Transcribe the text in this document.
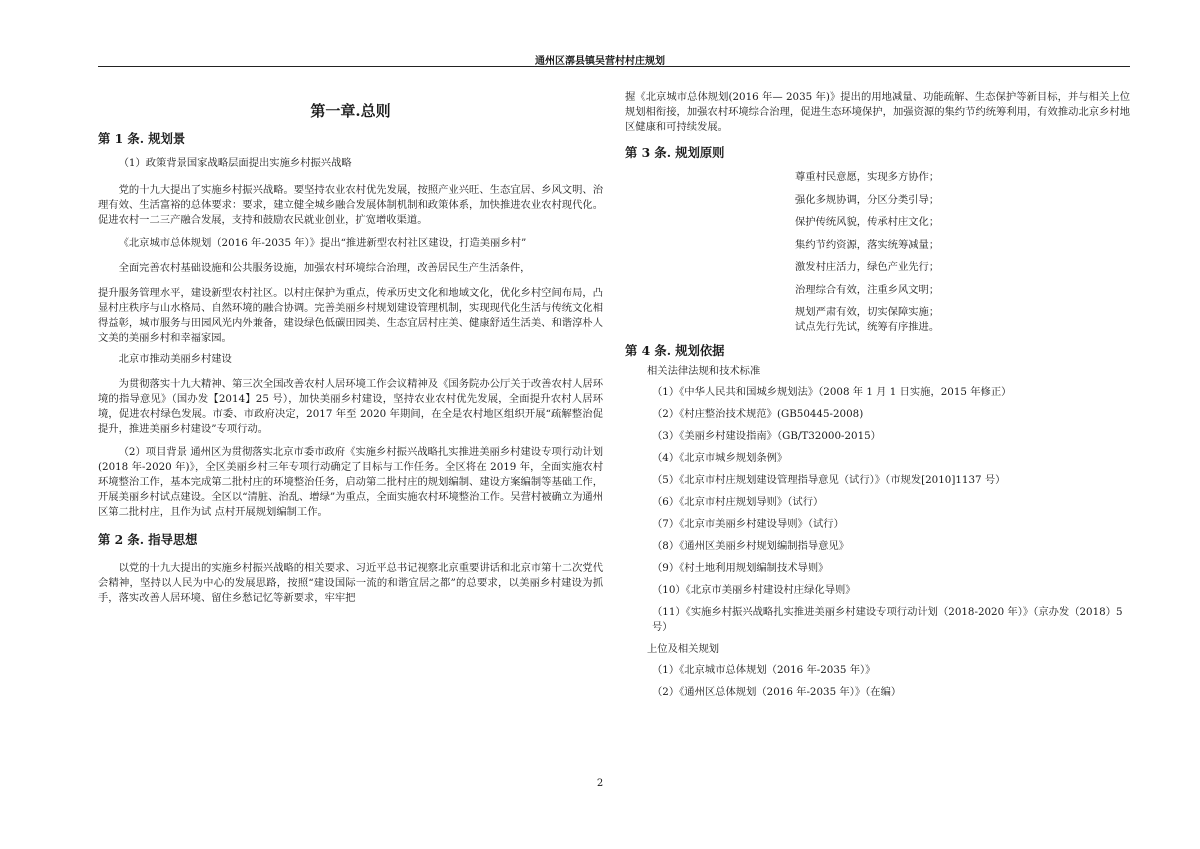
通州区漷县镇吴营村村庄规划
第一章.总则
第 1 条. 规划景

（1）政策背景国家战略层面提出实施乡村振兴战略

党的十九大提出了实施乡村振兴战略。要坚持农业农村优先发展，按照产业兴旺、生态宜居、乡风文明、治理有效、生活富裕的总体要求：要求，建立健全城乡融合发展体制机制和政策体系，加快推进农业农村现代化。促进农村一二三产融合发展，支持和鼓励农民就业创业，扩宽增收渠道。

《北京城市总体规划（2016 年-2035 年）》提出“推进新型农村社区建设，打造美丽乡村”

全面完善农村基础设施和公共服务设施，加强农村环境综合治理，改善居民生产生活条件，

提升服务管理水平，建设新型农村社区。以村庄保护为重点，传承历史文化和地域文化，优化乡村空间布局，凸显村庄秩序与山水格局、自然环境的融合协调。完善美丽乡村规划建设管理机制，实现现代化生活与传统文化相得益彰，城市服务与田园风光内外兼备，建设绿色低碳田园美、生态宜居村庄美、健康舒适生活美、和谐淳朴人文美的美丽乡村和幸福家园。

北京市推动美丽乡村建设

为贯彻落实十九大精神、第三次全国改善农村人居环境工作会议精神及《国务院办公厅关于改善农村人居环境的指导意见》（国办发【2014】25 号），加快美丽乡村建设，坚持农业农村优先发展，全面提升农村人居环境，促进农村绿色发展。市委、市政府决定，2017 年至 2020 年期间，在全是农村地区组织开展“疏解整治促提升，推进美丽乡村建设”专项行动。

（2）项目背景 通州区为贯彻落实北京市委市政府《实施乡村振兴战略扎实推进美丽乡村建设专项行动计划(2018 年-2020 年)》，全区美丽乡村三年专项行动确定了目标与工作任务。全区将在 2019 年，全面实施农村环境整治工作，基本完成第二批村庄的环境整治任务，启动第二批村庄的规划编制、建设方案编制等基础工作，开展美丽乡村试点建设。全区以“清脏、治乱、增绿”为重点，全面实施农村环境整治工作。吴营村被确立为通州区第二批村庄，且作为试 点村开展规划编制工作。

第 2 条. 指导思想

以党的十九大提出的实施乡村振兴战略的相关要求、习近平总书记视察北京重要讲话和北京市第十二次党代会精神，坚持以人民为中心的发展思路，按照“建设国际一流的和谐宜居之都”的总要求，以美丽乡村建设为抓手，落实改善人居环境、留住乡愁记忆等新要求，牢牢把

握《北京城市总体规划(2016 年— 2035 年)》提出的用地减量、功能疏解、生态保护等新目标，并与相关上位规划相衔接，加强农村环境综合治理，促进生态环境保护，加强资源的集约节约统筹利用，有效推动北京乡村地区健康和可持续发展。

第 3 条. 规划原则
尊重村民意愿，实现多方协作；
强化多规协调，分区分类引导；
保护传统风貌，传承村庄文化；
集约节约资源，落实统筹减量；
激发村庄活力，绿色产业先行；
治理综合有效，注重乡风文明；
规划严肃有效，切实保障实施；
试点先行先试，统筹有序推进。
第 4 条. 规划依据
相关法律法规和技术标准
（1）《中华人民共和国城乡规划法》（2008 年 1 月 1 日实施，2015 年修正）
（2）《村庄整治技术规范》(GB50445-2008)
（3）《美丽乡村建设指南》（GB/T32000-2015）
（4）《北京市城乡规划条例》
（5）《北京市村庄规划建设管理指导意见（试行）》（市规发[2010]1137 号）
（6）《北京市村庄规划导则》（试行）
（7）《北京市美丽乡村建设导则》（试行）
（8）《通州区美丽乡村规划编制指导意见》
（9）《村土地利用规划编制技术导则》
（10）《北京市美丽乡村建设村庄绿化导则》
（11）《实施乡村振兴战略扎实推进美丽乡村建设专项行动计划（2018-2020 年）》（京办发（2018）5 号）
上位及相关规划
（1）《北京城市总体规划（2016 年-2035 年）》
（2）《通州区总体规划（2016 年-2035 年）》（在编）
2
